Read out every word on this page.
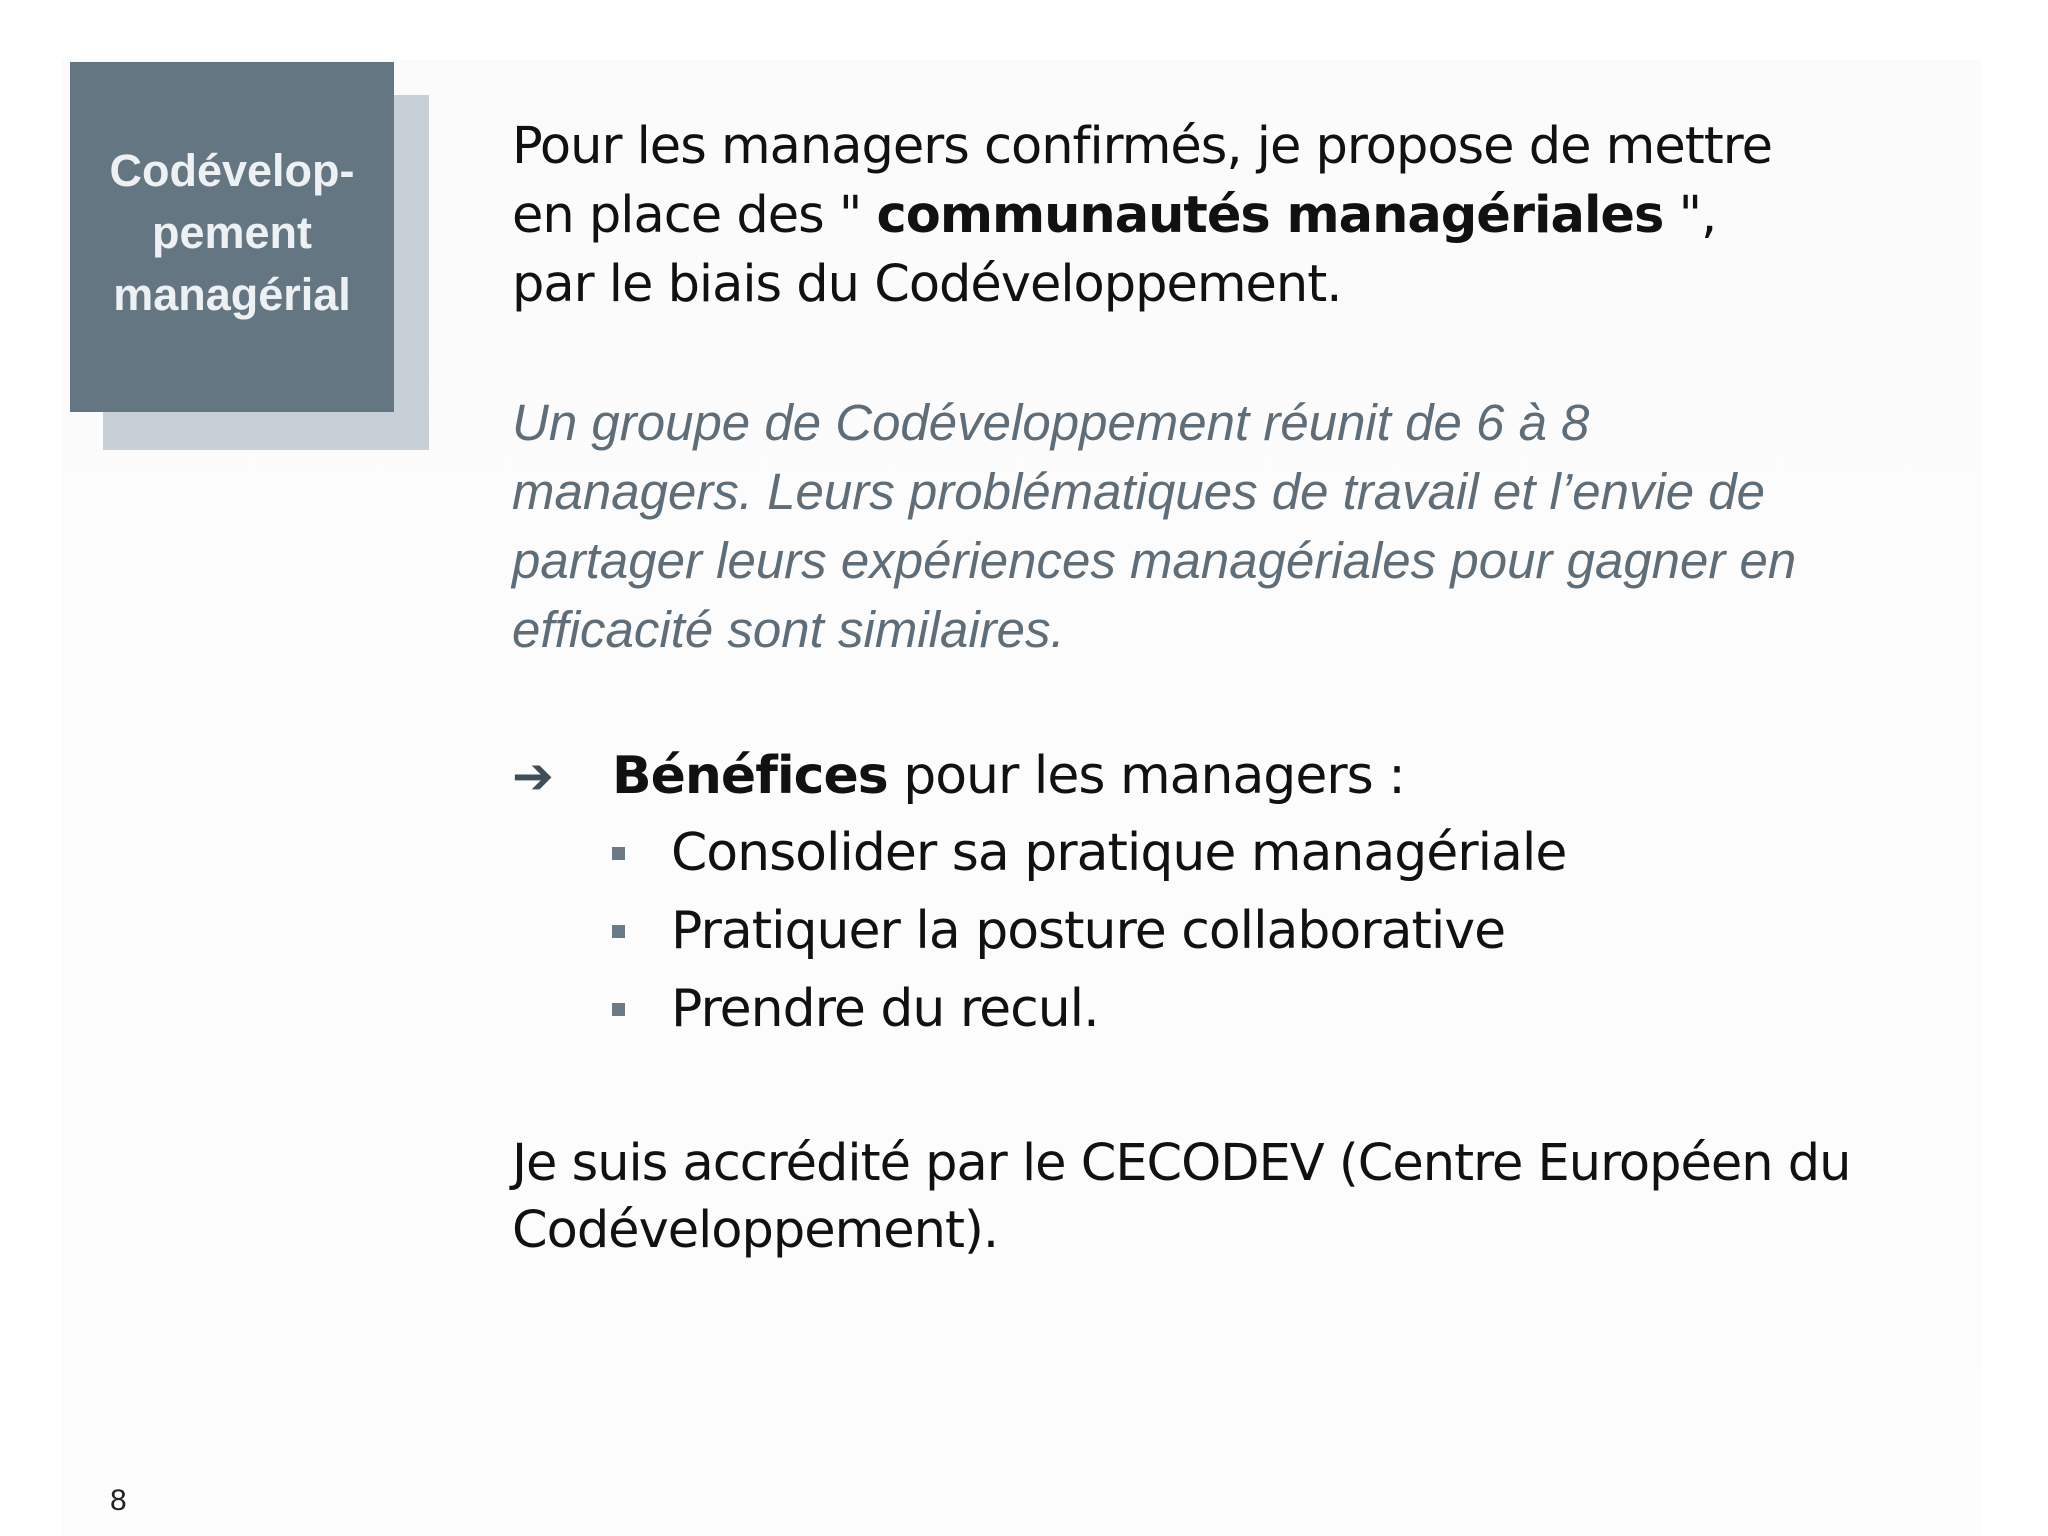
Codévelop-
pement
managérial

Pour les managers confirmés, je propose de mettre
en place des " communautés managériales ",
par le biais du Codéveloppement.

Un groupe de Codéveloppement réunit de 6 à 8
managers. Leurs problématiques de travail et l’envie de
partager leurs expériences managériales pour gagner en
efficacité sont similaires.
➔	Bénéfices pour les managers :
Consolider sa pratique managériale
Pratiquer la posture collaborative
Prendre du recul.
Je suis accrédité par le CECODEV (Centre Européen du
Codéveloppement).
8
